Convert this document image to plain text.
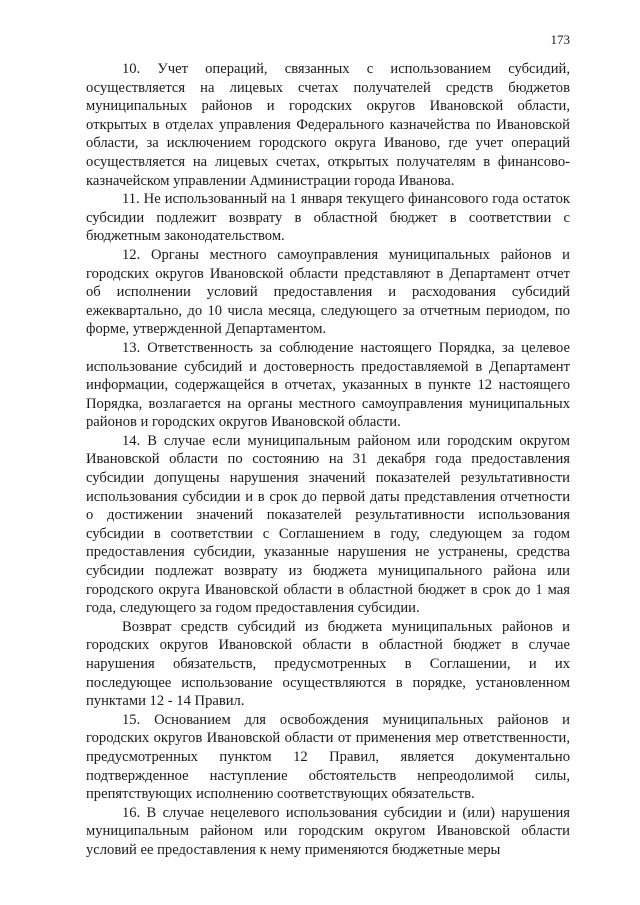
173

10. Учет операций, связанных с использованием субсидий, осуществляется на лицевых счетах получателей средств бюджетов муниципальных районов и городских округов Ивановской области, открытых в отделах управления Федерального казначейства по Ивановской области, за исключением городского округа Иваново, где учет операций осуществляется на лицевых счетах, открытых получателям в финансово-казначейском управлении Администрации города Иванова.

11. Не использованный на 1 января текущего финансового года остаток субсидии подлежит возврату в областной бюджет в соответствии с бюджетным законодательством.

12. Органы местного самоуправления муниципальных районов и городских округов Ивановской области представляют в Департамент отчет об исполнении условий предоставления и расходования субсидий ежеквартально, до 10 числа месяца, следующего за отчетным периодом, по форме, утвержденной Департаментом.

13. Ответственность за соблюдение настоящего Порядка, за целевое использование субсидий и достоверность предоставляемой в Департамент информации, содержащейся в отчетах, указанных в пункте 12 настоящего Порядка, возлагается на органы местного самоуправления муниципальных районов и городских округов Ивановской области.

14. В случае если муниципальным районом или городским округом Ивановской области по состоянию на 31 декабря года предоставления субсидии допущены нарушения значений показателей результативности использования субсидии и в срок до первой даты представления отчетности о достижении значений показателей результативности использования субсидии в соответствии с Соглашением в году, следующем за годом предоставления субсидии, указанные нарушения не устранены, средства субсидии подлежат возврату из бюджета муниципального района или городского округа Ивановской области в областной бюджет в срок до 1 мая года, следующего за годом предоставления субсидии.

Возврат средств субсидий из бюджета муниципальных районов и городских округов Ивановской области в областной бюджет в случае нарушения обязательств, предусмотренных в Соглашении, и их последующее использование осуществляются в порядке, установленном пунктами 12 - 14 Правил.

15. Основанием для освобождения муниципальных районов и городских округов Ивановской области от применения мер ответственности, предусмотренных пунктом 12 Правил, является документально подтвержденное наступление обстоятельств непреодолимой силы, препятствующих исполнению соответствующих обязательств.

16. В случае нецелевого использования субсидии и (или) нарушения муниципальным районом или городским округом Ивановской области условий ее предоставления к нему применяются бюджетные меры
